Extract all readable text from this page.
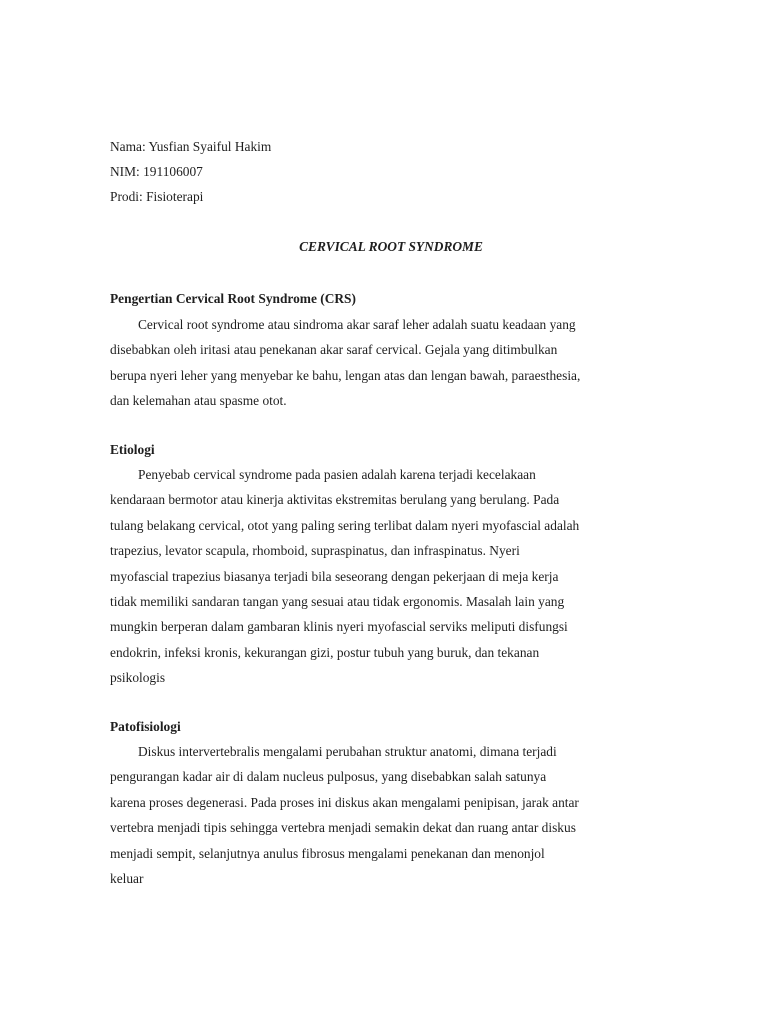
Nama: Yusfian Syaiful Hakim
NIM: 191106007
Prodi: Fisioterapi
CERVICAL ROOT SYNDROME
Pengertian Cervical Root Syndrome (CRS)
Cervical root syndrome atau sindroma akar saraf leher adalah suatu keadaan yang
disebabkan oleh iritasi atau penekanan akar saraf cervical. Gejala yang ditimbulkan
berupa nyeri leher yang menyebar ke bahu, lengan atas dan lengan bawah, paraesthesia,
dan kelemahan atau spasme otot.
Etiologi
Penyebab cervical syndrome pada pasien adalah karena terjadi kecelakaan
kendaraan bermotor atau kinerja aktivitas ekstremitas berulang yang berulang. Pada
tulang belakang cervical, otot yang paling sering terlibat dalam nyeri myofascial adalah
trapezius, levator scapula, rhomboid, supraspinatus, dan infraspinatus. Nyeri
myofascial trapezius biasanya terjadi bila seseorang dengan pekerjaan di meja kerja
tidak memiliki sandaran tangan yang sesuai atau tidak ergonomis. Masalah lain yang
mungkin berperan dalam gambaran klinis nyeri myofascial serviks meliputi disfungsi
endokrin, infeksi kronis, kekurangan gizi, postur tubuh yang buruk, dan tekanan
psikologis
Patofisiologi
Diskus intervertebralis mengalami perubahan struktur anatomi, dimana terjadi
pengurangan kadar air di dalam nucleus pulposus, yang disebabkan salah satunya
karena proses degenerasi. Pada proses ini diskus akan mengalami penipisan, jarak antar
vertebra menjadi tipis sehingga vertebra menjadi semakin dekat dan ruang antar diskus
menjadi sempit, selanjutnya anulus fibrosus mengalami penekanan dan menonjol
keluar
